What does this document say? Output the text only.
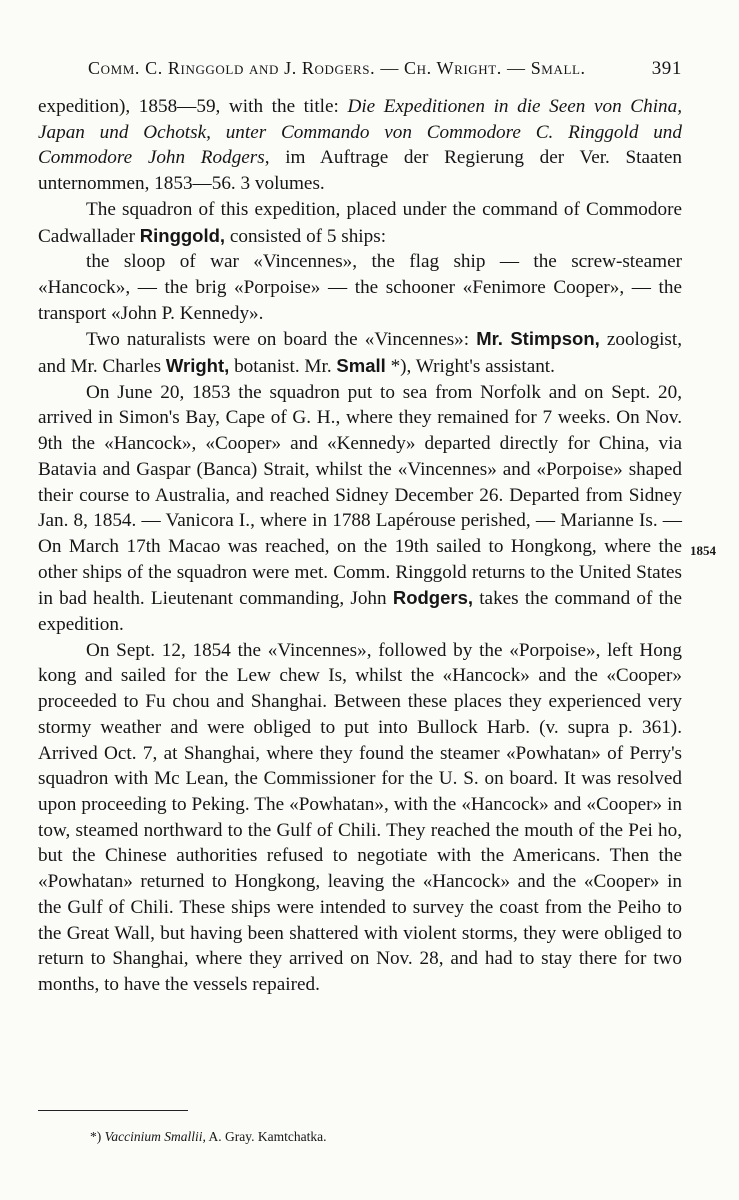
Comm. C. Ringgold and J. Rodgers. — Ch. Wright. — Small.	391

expedition), 1858—59, with the title: Die Expeditionen in die Seen von China, Japan und Ochotsk, unter Commando von Commodore C. Ringgold und Commodore John Rodgers, im Auftrage der Regierung der Ver. Staaten unternommen, 1853—56. 3 volumes.

The squadron of this expedition, placed under the command of Commodore Cadwallader Ringgold, consisted of 5 ships:

the sloop of war «Vincennes», the flag ship — the screw-steamer «Hancock», — the brig «Porpoise» — the schooner «Fenimore Cooper», — the transport «John P. Kennedy».

Two naturalists were on board the «Vincennes»: Mr. Stimpson, zoologist, and Mr. Charles Wright, botanist. Mr. Small *), Wright's assistant.

On June 20, 1853 the squadron put to sea from Norfolk and on Sept. 20, arrived in Simon's Bay, Cape of G. H., where they remained for 7 weeks. On Nov. 9th the «Hancock», «Cooper» and «Kennedy» departed directly for China, via Batavia and Gaspar (Banca) Strait, whilst the «Vincennes» and «Porpoise» shaped their course to Australia, and reached Sidney December 26. Departed from Sidney Jan. 8, 1854. — Vanicora I., where in 1788 Lapérouse perished, — Marianne Is. — On March 17th Macao was reached, on the 19th sailed to Hongkong, where the other ships of the squadron were met. Comm. Ringgold returns to the United States in bad health. Lieutenant commanding, John Rodgers, takes the command of the expedition.

On Sept. 12, 1854 the «Vincennes», followed by the «Porpoise», left Hong kong and sailed for the Lew chew Is, whilst the «Hancock» and the «Cooper» proceeded to Fu chou and Shanghai. Between these places they experienced very stormy weather and were obliged to put into Bullock Harb. (v. supra p. 361). Arrived Oct. 7, at Shanghai, where they found the steamer «Powhatan» of Perry's squadron with Mc Lean, the Commissioner for the U. S. on board. It was resolved upon proceeding to Peking. The «Powhatan», with the «Hancock» and «Cooper» in tow, steamed northward to the Gulf of Chili. They reached the mouth of the Pei ho, but the Chinese authorities refused to negotiate with the Americans. Then the «Powhatan» returned to Hongkong, leaving the «Hancock» and the «Cooper» in the Gulf of Chili. These ships were intended to survey the coast from the Peiho to the Great Wall, but having been shattered with violent storms, they were obliged to return to Shanghai, where they arrived on Nov. 28, and had to stay there for two months, to have the vessels repaired.

1854
*) Vaccinium Smallii, A. Gray. Kamtchatka.
